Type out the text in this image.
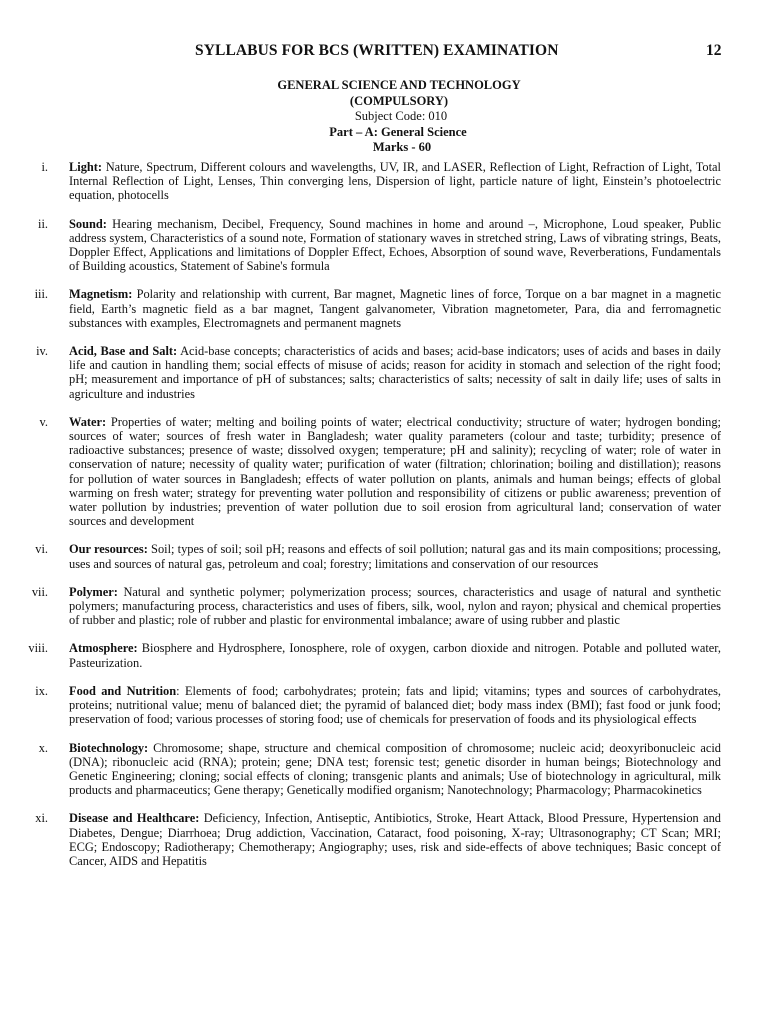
SYLLABUS FOR BCS (WRITTEN) EXAMINATION	12
GENERAL SCIENCE AND TECHNOLOGY
(COMPULSORY)
Subject Code: 010
Part – A: General Science
Marks - 60
i. Light: Nature, Spectrum, Different colours and wavelengths, UV, IR, and LASER, Reflection of Light, Refraction of Light, Total Internal Reflection of Light, Lenses, Thin converging lens, Dispersion of light, particle nature of light, Einstein’s photoelectric equation, photocells
ii. Sound: Hearing mechanism, Decibel, Frequency, Sound machines in home and around –, Microphone, Loud speaker, Public address system, Characteristics of a sound note, Formation of stationary waves in stretched string, Laws of vibrating strings, Beats, Doppler Effect, Applications and limitations of Doppler Effect, Echoes, Absorption of sound wave, Reverberations, Fundamentals of Building acoustics, Statement of Sabine's formula
iii. Magnetism: Polarity and relationship with current, Bar magnet, Magnetic lines of force, Torque on a bar magnet in a magnetic field, Earth’s magnetic field as a bar magnet, Tangent galvanometer, Vibration magnetometer, Para, dia and ferromagnetic substances with examples, Electromagnets and permanent magnets
iv. Acid, Base and Salt: Acid-base concepts; characteristics of acids and bases; acid-base indicators; uses of acids and bases in daily life and caution in handling them; social effects of misuse of acids; reason for acidity in stomach and selection of the right food; pH; measurement and importance of pH of substances; salts; characteristics of salts; necessity of salt in daily life; uses of salts in agriculture and industries
v. Water: Properties of water; melting and boiling points of water; electrical conductivity; structure of water; hydrogen bonding; sources of water; sources of fresh water in Bangladesh; water quality parameters (colour and taste; turbidity; presence of radioactive substances; presence of waste; dissolved oxygen; temperature; pH and salinity); recycling of water; role of water in conservation of nature; necessity of quality water; purification of water (filtration; chlorination; boiling and distillation); reasons for pollution of water sources in Bangladesh; effects of water pollution on plants, animals and human beings; effects of global warming on fresh water; strategy for preventing water pollution and responsibility of citizens or public awareness; prevention of water pollution by industries; prevention of water pollution due to soil erosion from agricultural land; conservation of water sources and development
vi. Our resources: Soil; types of soil; soil pH; reasons and effects of soil pollution; natural gas and its main compositions; processing, uses and sources of natural gas, petroleum and coal; forestry; limitations and conservation of our resources
vii. Polymer: Natural and synthetic polymer; polymerization process; sources, characteristics and usage of natural and synthetic polymers; manufacturing process, characteristics and uses of fibers, silk, wool, nylon and rayon; physical and chemical properties of rubber and plastic; role of rubber and plastic for environmental imbalance; aware of using rubber and plastic
viii. Atmosphere: Biosphere and Hydrosphere, Ionosphere, role of oxygen, carbon dioxide and nitrogen. Potable and polluted water, Pasteurization.
ix. Food and Nutrition: Elements of food; carbohydrates; protein; fats and lipid; vitamins; types and sources of carbohydrates, proteins; nutritional value; menu of balanced diet; the pyramid of balanced diet; body mass index (BMI); fast food or junk food; preservation of food; various processes of storing food; use of chemicals for preservation of foods and its physiological effects
x. Biotechnology: Chromosome; shape, structure and chemical composition of chromosome; nucleic acid; deoxyribonucleic acid (DNA); ribonucleic acid (RNA); protein; gene; DNA test; forensic test; genetic disorder in human beings; Biotechnology and Genetic Engineering; cloning; social effects of cloning; transgenic plants and animals; Use of biotechnology in agricultural, milk products and pharmaceutics; Gene therapy; Genetically modified organism; Nanotechnology; Pharmacology; Pharmacokinetics
xi. Disease and Healthcare: Deficiency, Infection, Antiseptic, Antibiotics, Stroke, Heart Attack, Blood Pressure, Hypertension and Diabetes, Dengue; Diarrhoea; Drug addiction, Vaccination, Cataract, food poisoning, X-ray; Ultrasonography; CT Scan; MRI; ECG; Endoscopy; Radiotherapy; Chemotherapy; Angiography; uses, risk and side-effects of above techniques; Basic concept of Cancer, AIDS and Hepatitis
